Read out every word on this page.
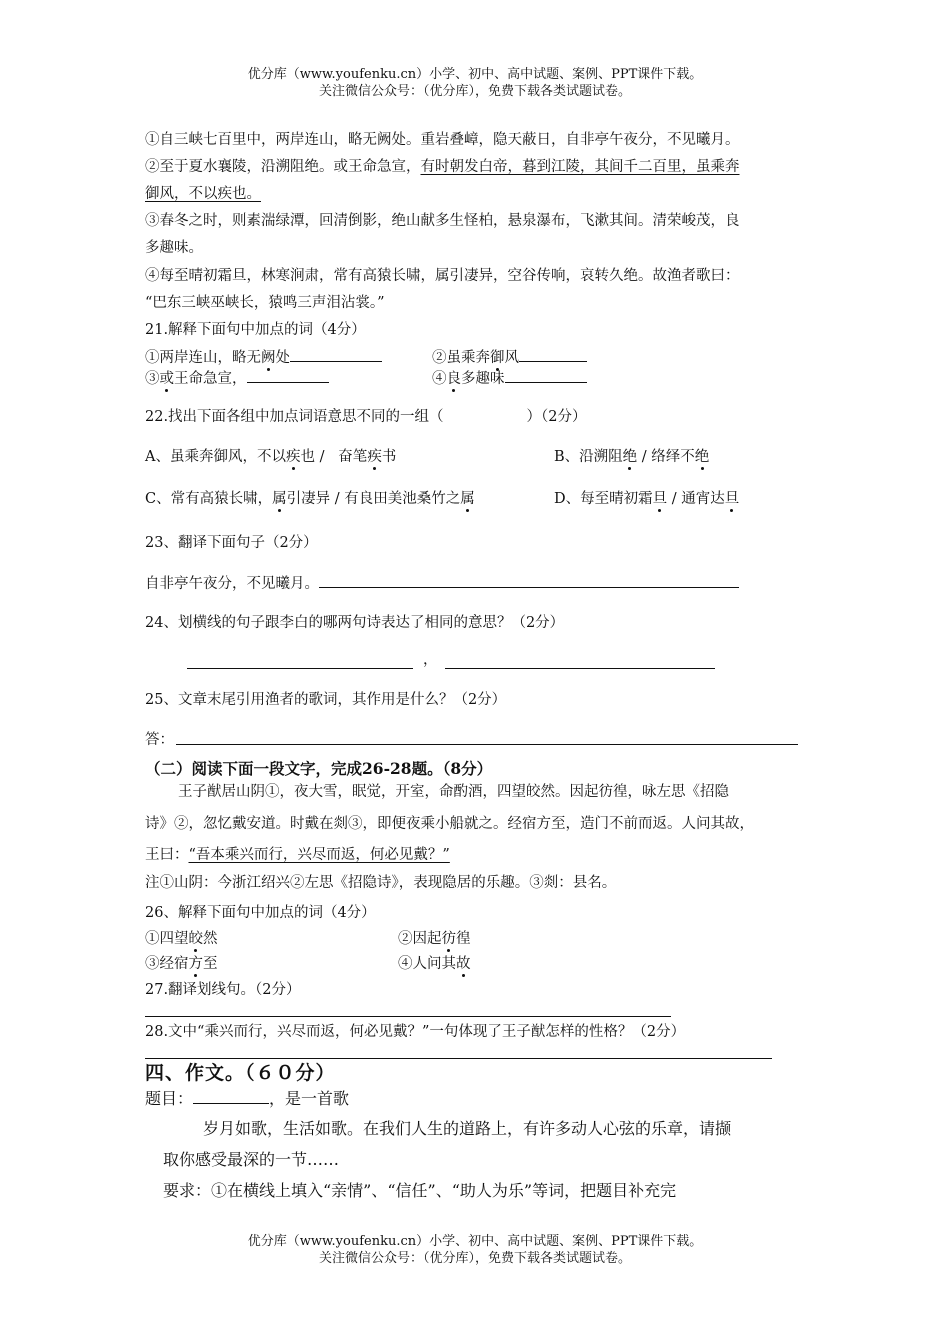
优分库（www.youfenku.cn）小学、初中、高中试题、案例、PPT课件下载。
关注微信公众号：（优分库），免费下载各类试题试卷。
①自三峡七百里中，两岸连山，略无阙处。重岩叠嶂，隐天蔽日，自非亭午夜分，不见曦月。
②至于夏水襄陵，沿溯阻绝。或王命急宣，有时朝发白帝，暮到江陵，其间千二百里，虽乘奔
御风，不以疾也。
③春冬之时，则素湍绿潭，回清倒影，绝山献多生怪柏，悬泉瀑布，飞漱其间。清荣峻茂，良
多趣味。
④每至晴初霜旦，林寒涧肃，常有高猿长啸，属引凄异，空谷传响，哀转久绝。故渔者歌曰：
“巴东三峡巫峡长，猿鸣三声泪沾裳。”
21.解释下面句中加点的词（4分）
①两岸连山，略无阙处	②虽乘奔御风
③或王命急宣，	④良多趣味
22.找出下面各组中加点词语意思不同的一组（                  ）（2分）
A、虽乘奔御风，不以疾也 /   奋笔疾书	B、沿溯阻绝 / 络绎不绝
C、常有高猿长啸，属引凄异 / 有良田美池桑竹之属	D、每至晴初霜旦 / 通宵达旦
23、翻译下面句子（2分）
自非亭午夜分，不见曦月。
24、划横线的句子跟李白的哪两句诗表达了相同的意思？（2分）
，
25、文章末尾引用渔者的歌词，其作用是什么？（2分）
答：
（二）阅读下面一段文字，完成26-28题。（8分）
王子猷居山阴①，夜大雪，眠觉，开室，命酌酒，四望皎然。因起彷徨，咏左思《招隐
诗》②，忽忆戴安道。时戴在剡③，即便夜乘小船就之。经宿方至，造门不前而返。人问其故，
王曰：“吾本乘兴而行，兴尽而返，何必见戴？”
注①山阴：今浙江绍兴②左思《招隐诗》，表现隐居的乐趣。③剡：县名。
26、解释下面句中加点的词（4分）
①四望皎然	②因起彷徨
③经宿方至	④人问其故
27.翻译划线句。（2分）
28.文中“乘兴而行，兴尽而返，何必见戴？”一句体现了王子猷怎样的性格？（2分）
四、作文。（６０分）
题目：	，是一首歌
岁月如歌，生活如歌。在我们人生的道路上，有许多动人心弦的乐章，请撷
取你感受最深的一节……
要求：①在横线上填入“亲情”、“信任”、“助人为乐”等词，把题目补充完
优分库（www.youfenku.cn）小学、初中、高中试题、案例、PPT课件下载。
关注微信公众号：（优分库），免费下载各类试题试卷。
